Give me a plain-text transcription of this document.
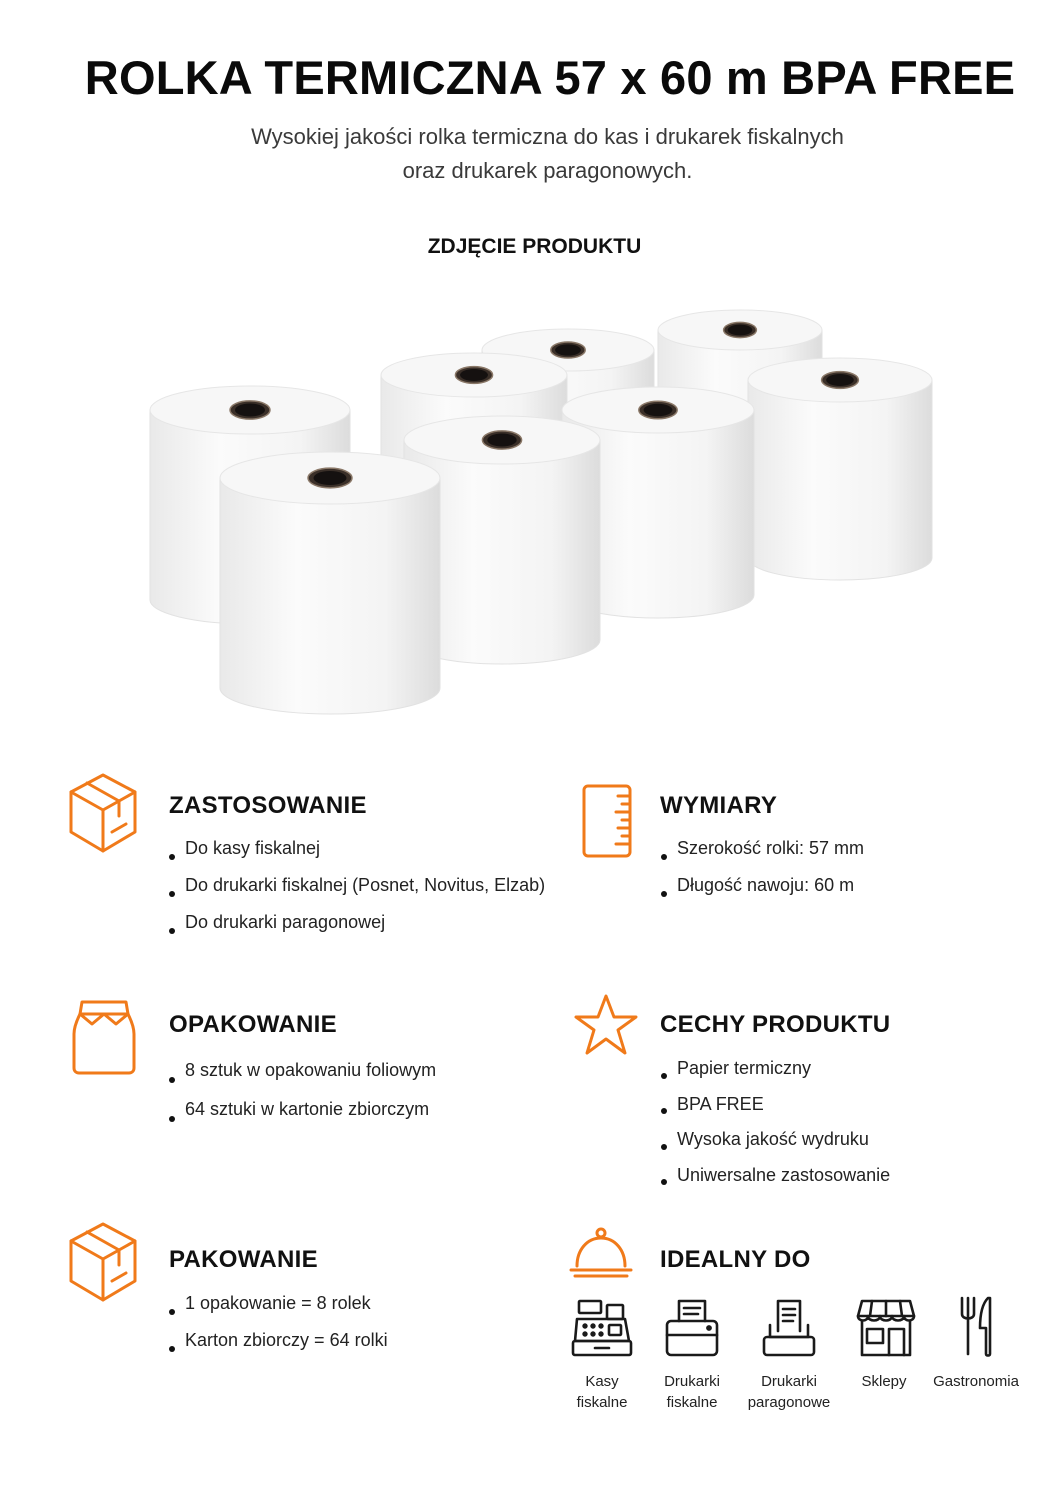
ROLKA TERMICZNA 57 x 60 m BPA FREE
Wysokiej jakości rolka termiczna do kas i drukarek fiskalnych
oraz drukarek paragonowych.
ZDJĘCIE PRODUKTU
ZASTOSOWANIE
Do kasy fiskalnej
Do drukarki fiskalnej (Posnet, Novitus, Elzab)
Do drukarki paragonowej
WYMIARY
Szerokość rolki: 57 mm
Długość nawoju: 60 m
OPAKOWANIE
8 sztuk w opakowaniu foliowym
64 sztuki w kartonie zbiorczym
CECHY PRODUKTU
Papier termiczny
BPA FREE
Wysoka jakość wydruku
Uniwersalne zastosowanie
PAKOWANIE
1 opakowanie = 8 rolek
Karton zbiorczy = 64 rolki
IDEALNY DO
Kasy
fiskalne
Drukarki
fiskalne
Drukarki
paragonowe
Sklepy	Gastronomia
